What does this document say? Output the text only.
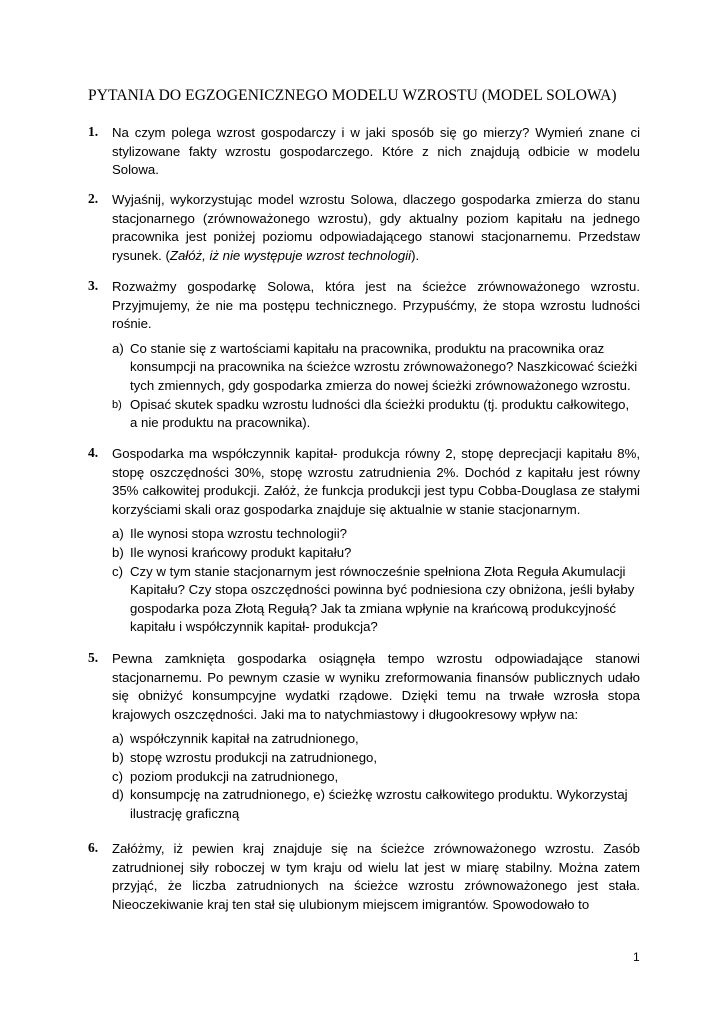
PYTANIA DO EGZOGENICZNEGO MODELU WZROSTU (MODEL SOLOWA)
1. Na czym polega wzrost gospodarczy i w jaki sposób się go mierzy? Wymień znane ci stylizowane fakty wzrostu gospodarczego. Które z nich znajdują odbicie w modelu Solowa.
2. Wyjaśnij, wykorzystując model wzrostu Solowa, dlaczego gospodarka zmierza do stanu stacjonarnego (zrównoważonego wzrostu), gdy aktualny poziom kapitału na jednego pracownika jest poniżej poziomu odpowiadającego stanowi stacjonarnemu. Przedstaw rysunek. (Załóż, iż nie występuje wzrost technologii).
3. Rozważmy gospodarkę Solowa, która jest na ścieżce zrównoważonego wzrostu. Przyjmujemy, że nie ma postępu technicznego. Przypuśćmy, że stopa wzrostu ludności rośnie.
a) Co stanie się z wartościami kapitału na pracownika, produktu na pracownika oraz konsumpcji na pracownika na ścieżce wzrostu zrównoważonego? Naszkicować ścieżki tych zmiennych, gdy gospodarka zmierza do nowej ścieżki zrównoważonego wzrostu.
b) Opisać skutek spadku wzrostu ludności dla ścieżki produktu (tj. produktu całkowitego, a nie produktu na pracownika).
4. Gospodarka ma współczynnik kapitał- produkcja równy 2, stopę deprecjacji kapitału 8%, stopę oszczędności 30%, stopę wzrostu zatrudnienia 2%. Dochód z kapitału jest równy 35% całkowitej produkcji. Załóż, że funkcja produkcji jest typu Cobba-Douglasa ze stałymi korzyściami skali oraz gospodarka znajduje się aktualnie w stanie stacjonarnym.
a) Ile wynosi stopa wzrostu technologii?
b) Ile wynosi krańcowy produkt kapitału?
c) Czy w tym stanie stacjonarnym jest równocześnie spełniona Złota Reguła Akumulacji Kapitału? Czy stopa oszczędności powinna być podniesiona czy obniżona, jeśli byłaby gospodarka poza Złotą Regułą? Jak ta zmiana wpłynie na krańcową produkcyjność kapitału i współczynnik kapitał- produkcja?
5. Pewna zamknięta gospodarka osiągnęła tempo wzrostu odpowiadające stanowi stacjonarnemu. Po pewnym czasie w wyniku zreformowania finansów publicznych udało się obniżyć konsumpcyjne wydatki rządowe. Dzięki temu na trwałe wzrosła stopa krajowych oszczędności. Jaki ma to natychmiastowy i długookresowy wpływ na:
a) współczynnik kapitał na zatrudnionego,
b) stopę wzrostu produkcji na zatrudnionego,
c) poziom produkcji na zatrudnionego,
d) konsumpcję na zatrudnionego, e) ścieżkę wzrostu całkowitego produktu. Wykorzystaj ilustrację graficzną
6. Załóżmy, iż pewien kraj znajduje się na ścieżce zrównoważonego wzrostu. Zasób zatrudnionej siły roboczej w tym kraju od wielu lat jest w miarę stabilny. Można zatem przyjąć, że liczba zatrudnionych na ścieżce wzrostu zrównoważonego jest stała. Nieoczekiwanie kraj ten stał się ulubionym miejscem imigrantów. Spowodowało to
1
